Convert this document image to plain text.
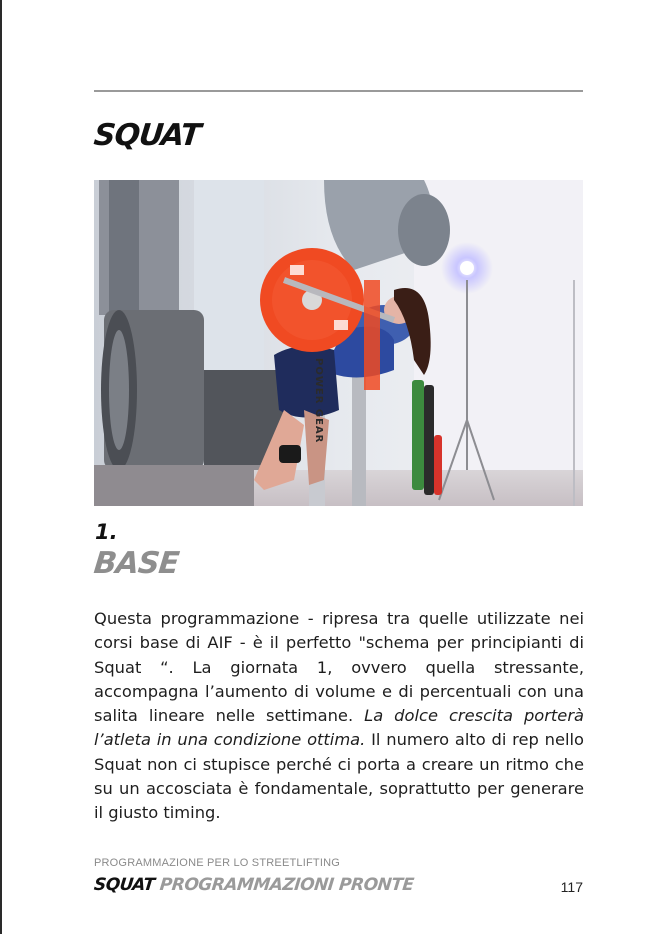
SQUAT
POWER GEAR
1.
BASE

Questa programmazione - ripresa tra quelle utilizzate nei corsi base di AIF - è il perfetto "schema per principianti di Squat “. La giornata 1, ovvero quella stressante, accompagna l’aumento di volume e di percentuali con una salita lineare nelle settimane. La dolce crescita porterà l’atleta in una condizione ottima. Il numero alto di rep nello Squat non ci stupisce perché ci porta a creare un ritmo che su un accosciata è fondamentale, soprattutto per generare il giusto timing.

PROGRAMMAZIONE PER LO STREETLIFTING
SQUAT PROGRAMMAZIONI PRONTE	117
